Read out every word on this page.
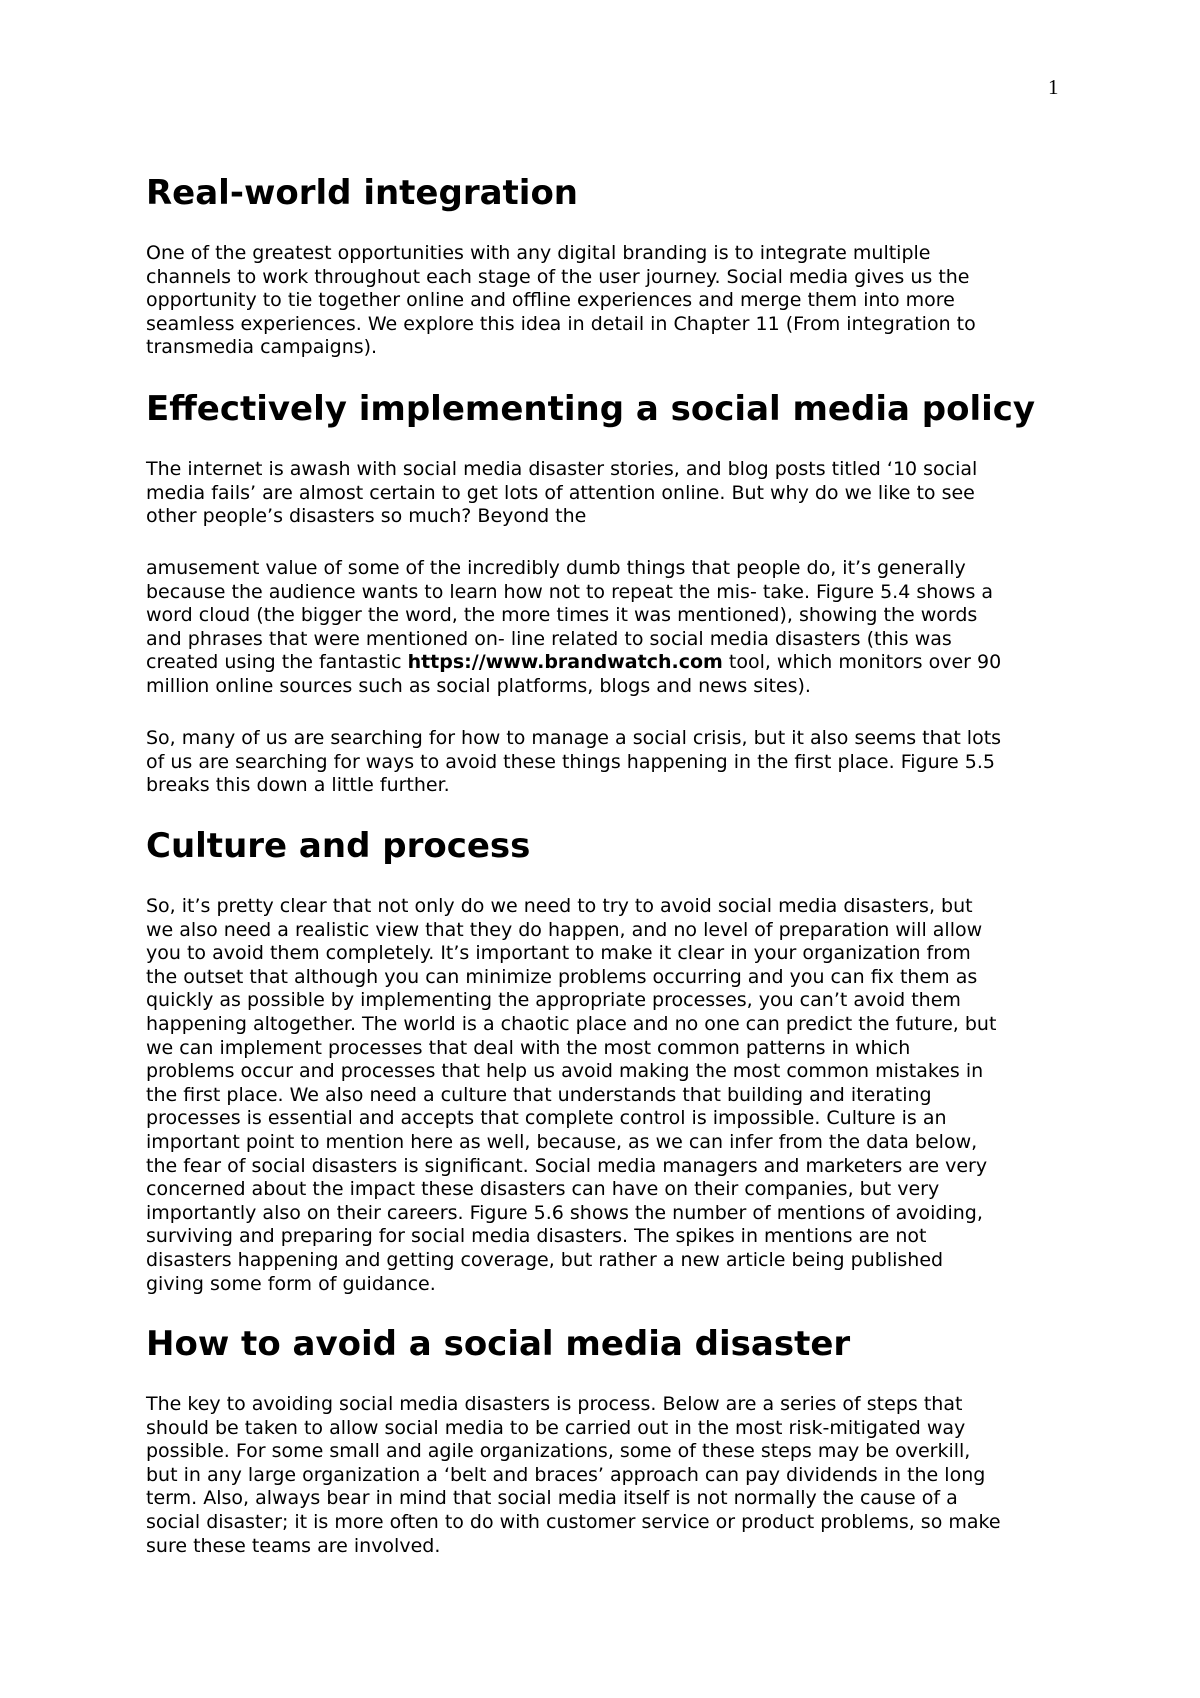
1
Real-world integration

One of the greatest opportunities with any digital branding is to integrate multiple
channels to work throughout each stage of the user journey. Social media gives us the
opportunity to tie together online and offline experiences and merge them into more
seamless experiences. We explore this idea in detail in Chapter 11 (From integration to
transmedia campaigns).

Effectively implementing a social media policy

The internet is awash with social media disaster stories, and blog posts titled ‘10 social
media fails’ are almost certain to get lots of attention online. But why do we like to see
other people’s disasters so much? Beyond the

amusement value of some of the incredibly dumb things that people do, it’s generally
because the audience wants to learn how not to repeat the mis- take. Figure 5.4 shows a
word cloud (the bigger the word, the more times it was mentioned), showing the words
and phrases that were mentioned on- line related to social media disasters (this was
created using the fantastic https://www.brandwatch.com tool, which monitors over 90
million online sources such as social platforms, blogs and news sites).

So, many of us are searching for how to manage a social crisis, but it also seems that lots
of us are searching for ways to avoid these things happening in the first place. Figure 5.5
breaks this down a little further.

Culture and process

So, it’s pretty clear that not only do we need to try to avoid social media disasters, but
we also need a realistic view that they do happen, and no level of preparation will allow
you to avoid them completely. It’s important to make it clear in your organization from
the outset that although you can minimize problems occurring and you can fix them as
quickly as possible by implementing the appropriate processes, you can’t avoid them
happening altogether. The world is a chaotic place and no one can predict the future, but
we can implement processes that deal with the most common patterns in which
problems occur and processes that help us avoid making the most common mistakes in
the first place. We also need a culture that understands that building and iterating
processes is essential and accepts that complete control is impossible. Culture is an
important point to mention here as well, because, as we can infer from the data below,
the fear of social disasters is significant. Social media managers and marketers are very
concerned about the impact these disasters can have on their companies, but very
importantly also on their careers. Figure 5.6 shows the number of mentions of avoiding,
surviving and preparing for social media disasters. The spikes in mentions are not
disasters happening and getting coverage, but rather a new article being published
giving some form of guidance.

How to avoid a social media disaster

The key to avoiding social media disasters is process. Below are a series of steps that
should be taken to allow social media to be carried out in the most risk-mitigated way
possible. For some small and agile organizations, some of these steps may be overkill,
but in any large organization a ‘belt and braces’ approach can pay dividends in the long
term. Also, always bear in mind that social media itself is not normally the cause of a
social disaster; it is more often to do with customer service or product problems, so make
sure these teams are involved.
